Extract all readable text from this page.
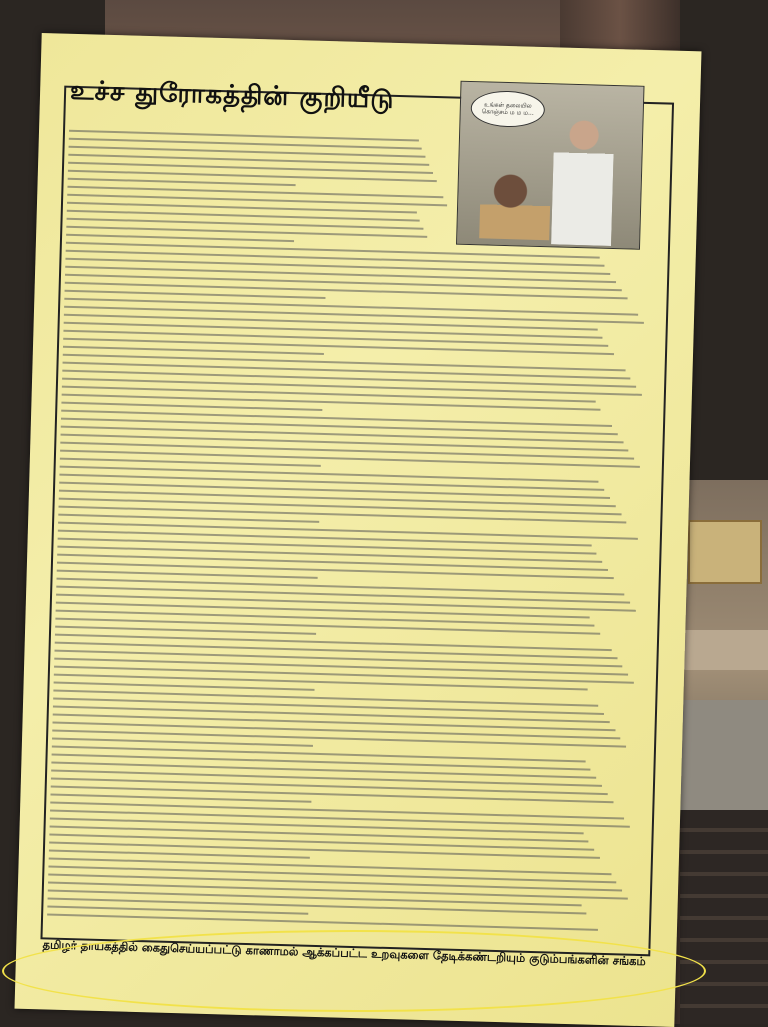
உச்ச துரோகத்தின் குறியீடு	உங்கள் தலையில கொஞ்சம் ம ம ம...
தமிழர் தாயகத்தில் கைதுசெய்யப்பட்டு காணாமல் ஆக்கப்பட்ட உறவுகளை தேடிக்கண்டறியும் குடும்பங்களின் சங்கம்
